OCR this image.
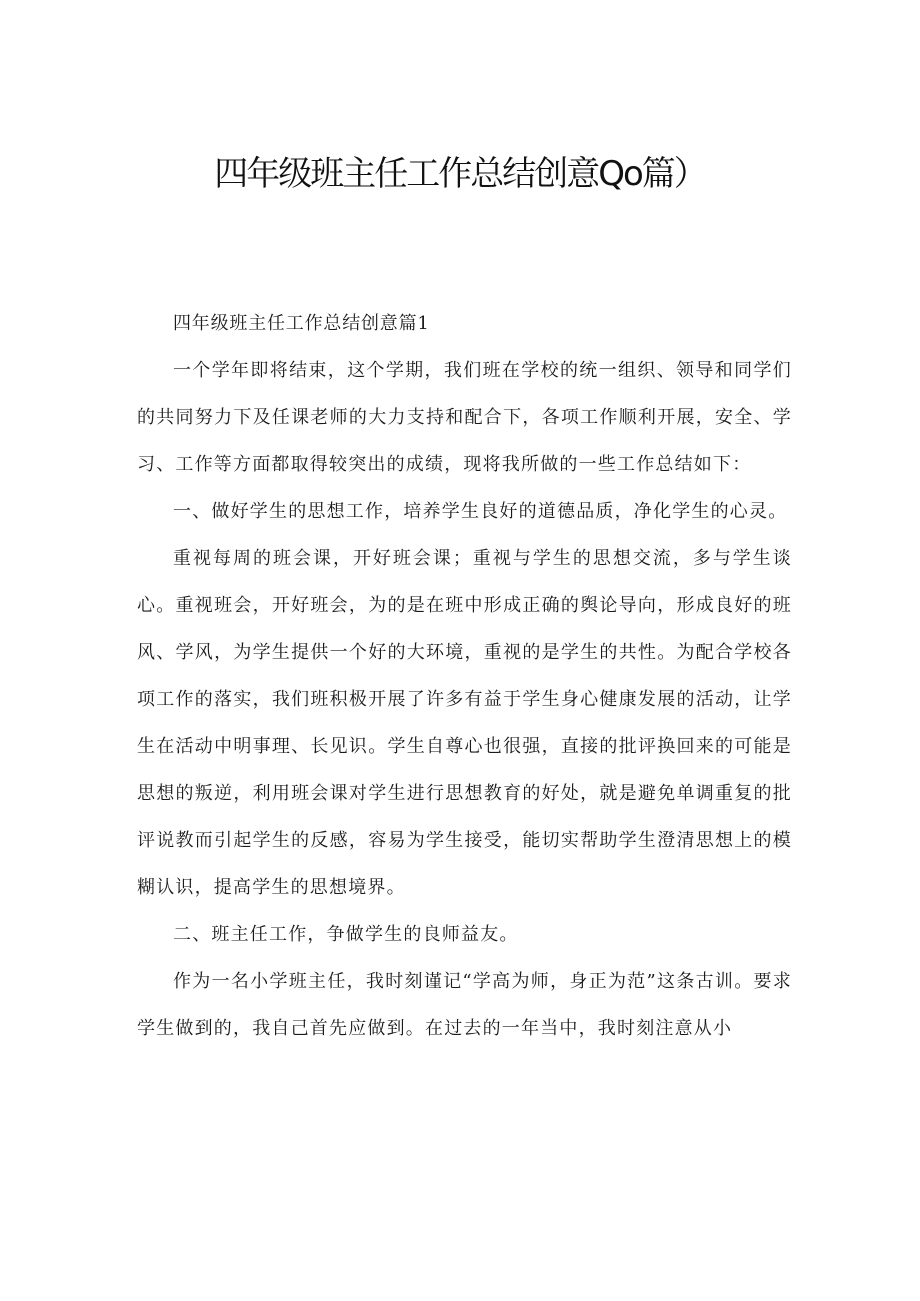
四年级班主任工作总结创意Qo篇）

四年级班主任工作总结创意篇1

一个学年即将结束，这个学期，我们班在学校的统一组织、领导和同学们的共同努力下及任课老师的大力支持和配合下，各项工作顺利开展，安全、学习、工作等方面都取得较突出的成绩，现将我所做的一些工作总结如下：

一、做好学生的思想工作，培养学生良好的道德品质，净化学生的心灵。

重视每周的班会课，开好班会课；重视与学生的思想交流，多与学生谈心。重视班会，开好班会，为的是在班中形成正确的舆论导向，形成良好的班风、学风，为学生提供一个好的大环境，重视的是学生的共性。为配合学校各项工作的落实，我们班积极开展了许多有益于学生身心健康发展的活动，让学生在活动中明事理、长见识。学生自尊心也很强，直接的批评换回来的可能是思想的叛逆，利用班会课对学生进行思想教育的好处，就是避免单调重复的批评说教而引起学生的反感，容易为学生接受，能切实帮助学生澄清思想上的模糊认识，提高学生的思想境界。

二、班主任工作，争做学生的良师益友。

作为一名小学班主任，我时刻谨记“学高为师，身正为范”这条古训。要求学生做到的，我自己首先应做到。在过去的一年当中，我时刻注意从小
